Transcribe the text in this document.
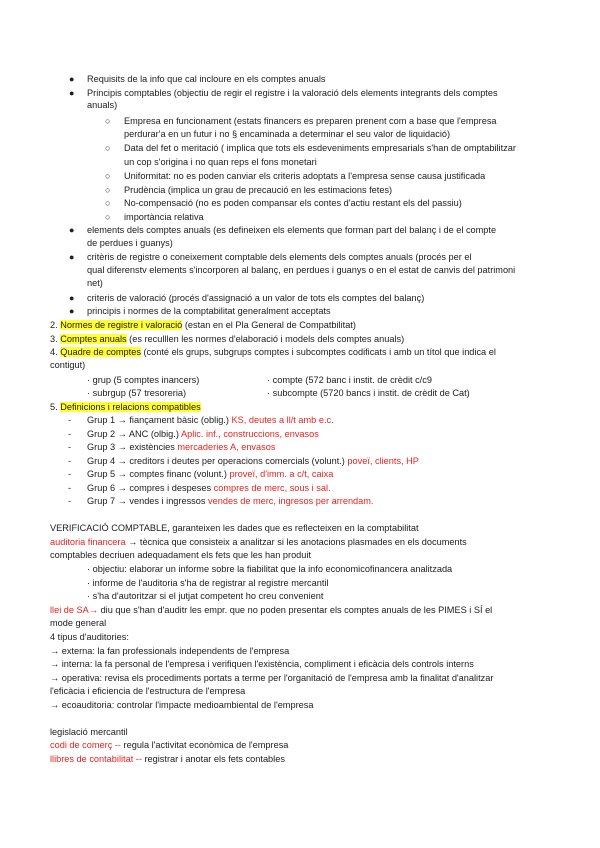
● Requisits de la info que cal incloure en els comptes anuals
● Principis comptables (objectiu de regir el registre i la valoració dels elements integrants dels comptes
anuals)
○ Empresa en funcionament (estats financers es preparen prenent com a base que l'empresa
perdurar'a en un futur i no § encaminada a determinar el seu valor de liquidació)
○ Data del fet o meritació ( implica que tots els esdeveniments empresarials s'han de omptabilitzar
un cop s'origina i no quan reps el fons monetari
○ Uniformitat: no es poden canviar els criteris adoptats a l'empresa sense causa justificada
○ Prudència (implica un grau de precaució en les estimacions fetes)
○ No-compensació (no es poden compansar els contes d'actiu restant els del passiu)
○ importància relativa
● elements dels comptes anuals (es defineixen els elements que forman part del balanç i de el compte
de perdues i guanys)
● critèris de registre o coneixement comptable dels elements dels comptes anuals (procés per el
qual diferenstv elements s'incorporen al balanç, en perdues i guanys o en el estat de canvis del patrimoni
net)
● criteris de valoració (procés d'assignació a un valor de tots els comptes del balanç)
● principis i normes de la comptabilitat generalment acceptats
2. Normes de registre i valoració (estan en el Pla General de Compatbilitat)
3. Comptes anuals (es reculllen les normes d'elaboració i models dels comptes anuals)
4. Quadre de comptes (conté els grups, subgrups comptes i subcomptes codificats i amb un títol que indica el
contigut)
· grup (5 comptes inancers)	· compte (572 banc i instit. de crèdit c/c9
· subrgup (57 tresoreria)	· subcompte (5720 bancs i instit. de crèdit de Cat)
5. Definicions i relacions compatibles
- Grup 1 → fiançament bàsic (oblig.) KS, deutes a ll/t amb e.c.
- Grup 2 → ANC (olbig.) Aplic. inf., construccions, envasos
- Grup 3 → existències mercaderies A, envasos
- Grup 4 → creditors i deutes per operacions comercials (volunt.) poveï, clients, HP
- Grup 5 → comptes financ (volunt.) proveï, d'imm. a c/t, caixa
- Grup 6 → compres i despeses compres de merc, sous i sal.
- Grup 7 → vendes i ingressos vendes de merc, ingresos per arrendam.
VERIFICACIÓ COMPTABLE, garanteixen les dades que es reflecteixen en la comptabilitat
auditoria financera → tècnica que consisteix a analitzar si les anotacions plasmades en els documents
comptables decriuen adequadament els fets que les han produit
· objectiu: elaborar un informe sobre la fiabilitat que la info economicofinancera analitzada
· informe de l'auditoria s'ha de registrar al registre mercantil
· s'ha d'autoritzar si el jutjat competent ho creu convenient
llei de SA→ diu que s'han d'auditr les empr. que no poden presentar els comptes anuals de les PIMES i SÍ el
mode general
4 tipus d'auditories:
→ externa: la fan professionals independents de l'empresa
→ interna: la fa personal de l'empresa i verifiquen l'existència, compliment i eficàcia dels controls interns
→ operativa: revisa els procediments portats a terme per l'organitació de l'empresa amb la finalitat d'analitzar
l'eficàcia i eficiencia de l'estructura de l'empresa
→ ecoauditoria: controlar l'impacte medioambiental de l'empresa
legislació mercantil
codi de comerç -- regula l'activitat econòmica de l'empresa
llibres de contabilitat -- registrar i anotar els fets contables
